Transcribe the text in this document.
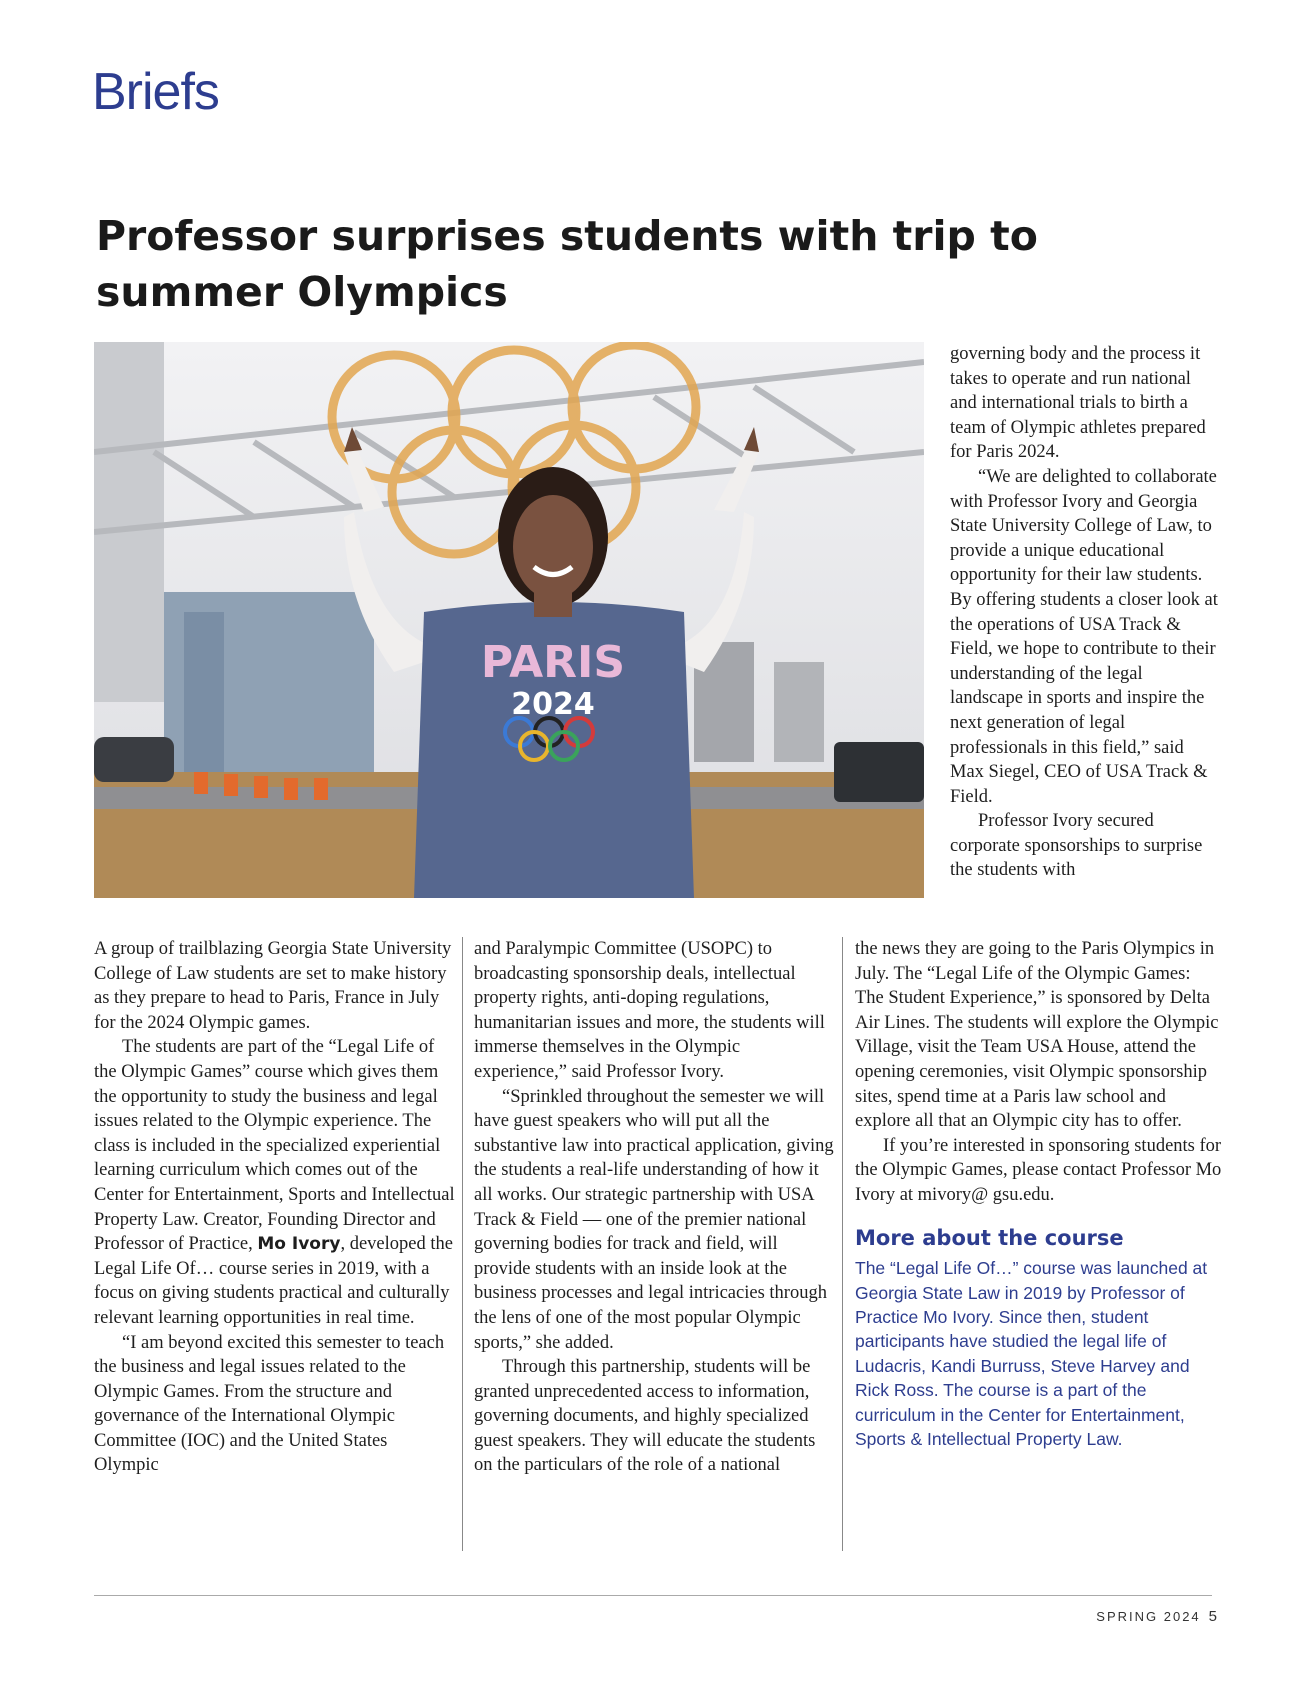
Briefs
Professor surprises students with trip to summer Olympics
PARIS
2024

governing body and the process it takes to operate and run national and international trials to birth a team of Olympic athletes prepared for Paris 2024.

“We are delighted to collaborate with Professor Ivory and Georgia State University College of Law, to provide a unique educational opportunity for their law students. By offering students a closer look at the operations of USA Track & Field, we hope to contribute to their understanding of the legal landscape in sports and inspire the next generation of legal professionals in this field,” said Max Siegel, CEO of USA Track & Field.

Professor Ivory secured corporate sponsorships to surprise the students with

A group of trailblazing Georgia State University College of Law students are set to make history as they prepare to head to Paris, France in July for the 2024 Olympic games.

The students are part of the “Legal Life of the Olympic Games” course which gives them the opportunity to study the business and legal issues related to the Olympic experience. The class is included in the specialized experiential learning curriculum which comes out of the Center for Entertainment, Sports and Intellectual Property Law. Creator, Founding Director and Professor of Practice, Mo Ivory, developed the Legal Life Of… course series in 2019, with a focus on giving students practical and culturally relevant learning opportunities in real time.

“I am beyond excited this semester to teach the business and legal issues related to the Olympic Games. From the structure and governance of the International Olympic Committee (IOC) and the United States Olympic

and Paralympic Committee (USOPC) to broadcasting sponsorship deals, intellectual property rights, anti-doping regulations, humanitarian issues and more, the students will immerse themselves in the Olympic experience,” said Professor Ivory.

“Sprinkled throughout the semester we will have guest speakers who will put all the substantive law into practical application, giving the students a real-life understanding of how it all works. Our strategic partnership with USA Track & Field — one of the premier national governing bodies for track and field, will provide students with an inside look at the business processes and legal intricacies through the lens of one of the most popular Olympic sports,” she added.

Through this partnership, students will be granted unprecedented access to information, governing documents, and highly specialized guest speakers. They will educate the students on the particulars of the role of a national

the news they are going to the Paris Olympics in July. The “Legal Life of the Olympic Games: The Student Experience,” is sponsored by Delta Air Lines. The students will explore the Olympic Village, visit the Team USA House, attend the opening ceremonies, visit Olympic sponsorship sites, spend time at a Paris law school and explore all that an Olympic city has to offer.

If you’re interested in sponsoring students for the Olympic Games, please contact Professor Mo Ivory at mivory@ gsu.edu.

More about the course
The “Legal Life Of…” course was launched at Georgia State Law in 2019 by Professor of Practice Mo Ivory. Since then, student participants have studied the legal life of Ludacris, Kandi Burruss, Steve Harvey and Rick Ross. The course is a part of the curriculum in the Center for Entertainment, Sports & Intellectual Property Law.
SPRING 2024 5
